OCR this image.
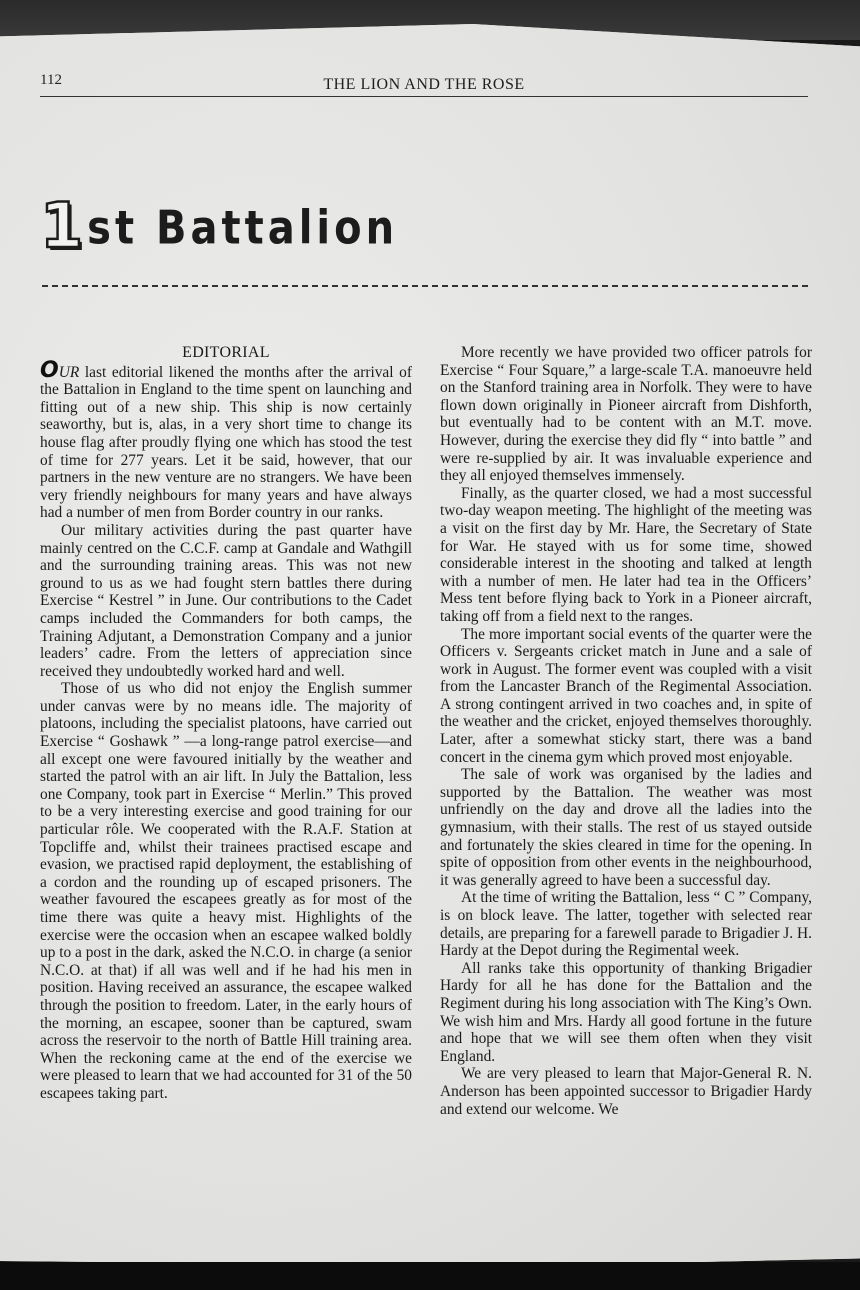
112	THE LION AND THE ROSE
1 st Battalion
EDITORIAL

OUR last editorial likened the months after the arrival of the Battalion in England to the time spent on launching and fitting out of a new ship. This ship is now certainly seaworthy, but is, alas, in a very short time to change its house flag after proudly flying one which has stood the test of time for 277 years. Let it be said, however, that our partners in the new venture are no strangers. We have been very friendly neighbours for many years and have always had a number of men from Border country in our ranks.

Our military activities during the past quarter have mainly centred on the C.C.F. camp at Gandale and Wathgill and the surrounding training areas. This was not new ground to us as we had fought stern battles there during Exercise “ Kestrel ” in June. Our contributions to the Cadet camps included the Commanders for both camps, the Training Adjutant, a Demonstration Company and a junior leaders’ cadre. From the letters of appreciation since received they undoubtedly worked hard and well.

Those of us who did not enjoy the English summer under canvas were by no means idle. The majority of platoons, including the specialist platoons, have carried out Exercise “ Goshawk ” —a long-range patrol exercise—and all except one were favoured initially by the weather and started the patrol with an air lift. In July the Battalion, less one Company, took part in Exercise “ Merlin.” This proved to be a very interesting exercise and good training for our particular rôle. We cooperated with the R.A.F. Station at Topcliffe and, whilst their trainees practised escape and evasion, we practised rapid deployment, the establishing of a cordon and the rounding up of escaped prisoners. The weather favoured the escapees greatly as for most of the time there was quite a heavy mist. Highlights of the exercise were the occasion when an escapee walked boldly up to a post in the dark, asked the N.C.O. in charge (a senior N.C.O. at that) if all was well and if he had his men in position. Having received an assurance, the escapee walked through the position to freedom. Later, in the early hours of the morning, an escapee, sooner than be captured, swam across the reservoir to the north of Battle Hill training area. When the reckoning came at the end of the exercise we were pleased to learn that we had accounted for 31 of the 50 escapees taking part.

More recently we have provided two officer patrols for Exercise “ Four Square,” a large-scale T.A. manoeuvre held on the Stanford training area in Norfolk. They were to have flown down originally in Pioneer aircraft from Dishforth, but eventually had to be content with an M.T. move. However, during the exercise they did fly “ into battle ” and were re-supplied by air. It was invaluable experience and they all enjoyed themselves immensely.

Finally, as the quarter closed, we had a most successful two-day weapon meeting. The highlight of the meeting was a visit on the first day by Mr. Hare, the Secretary of State for War. He stayed with us for some time, showed considerable interest in the shooting and talked at length with a number of men. He later had tea in the Officers’ Mess tent before flying back to York in a Pioneer aircraft, taking off from a field next to the ranges.

The more important social events of the quarter were the Officers v. Sergeants cricket match in June and a sale of work in August. The former event was coupled with a visit from the Lancaster Branch of the Regimental Association. A strong contingent arrived in two coaches and, in spite of the weather and the cricket, enjoyed themselves thoroughly. Later, after a somewhat sticky start, there was a band concert in the cinema gym which proved most enjoyable.

The sale of work was organised by the ladies and supported by the Battalion. The weather was most unfriendly on the day and drove all the ladies into the gymnasium, with their stalls. The rest of us stayed outside and fortunately the skies cleared in time for the opening. In spite of opposition from other events in the neighbourhood, it was generally agreed to have been a successful day.

At the time of writing the Battalion, less “ C ” Company, is on block leave. The latter, together with selected rear details, are preparing for a farewell parade to Brigadier J. H. Hardy at the Depot during the Regimental week.

All ranks take this opportunity of thanking Brigadier Hardy for all he has done for the Battalion and the Regiment during his long association with The King’s Own. We wish him and Mrs. Hardy all good fortune in the future and hope that we will see them often when they visit England.

We are very pleased to learn that Major-General R. N. Anderson has been appointed successor to Brigadier Hardy and extend our welcome. We
